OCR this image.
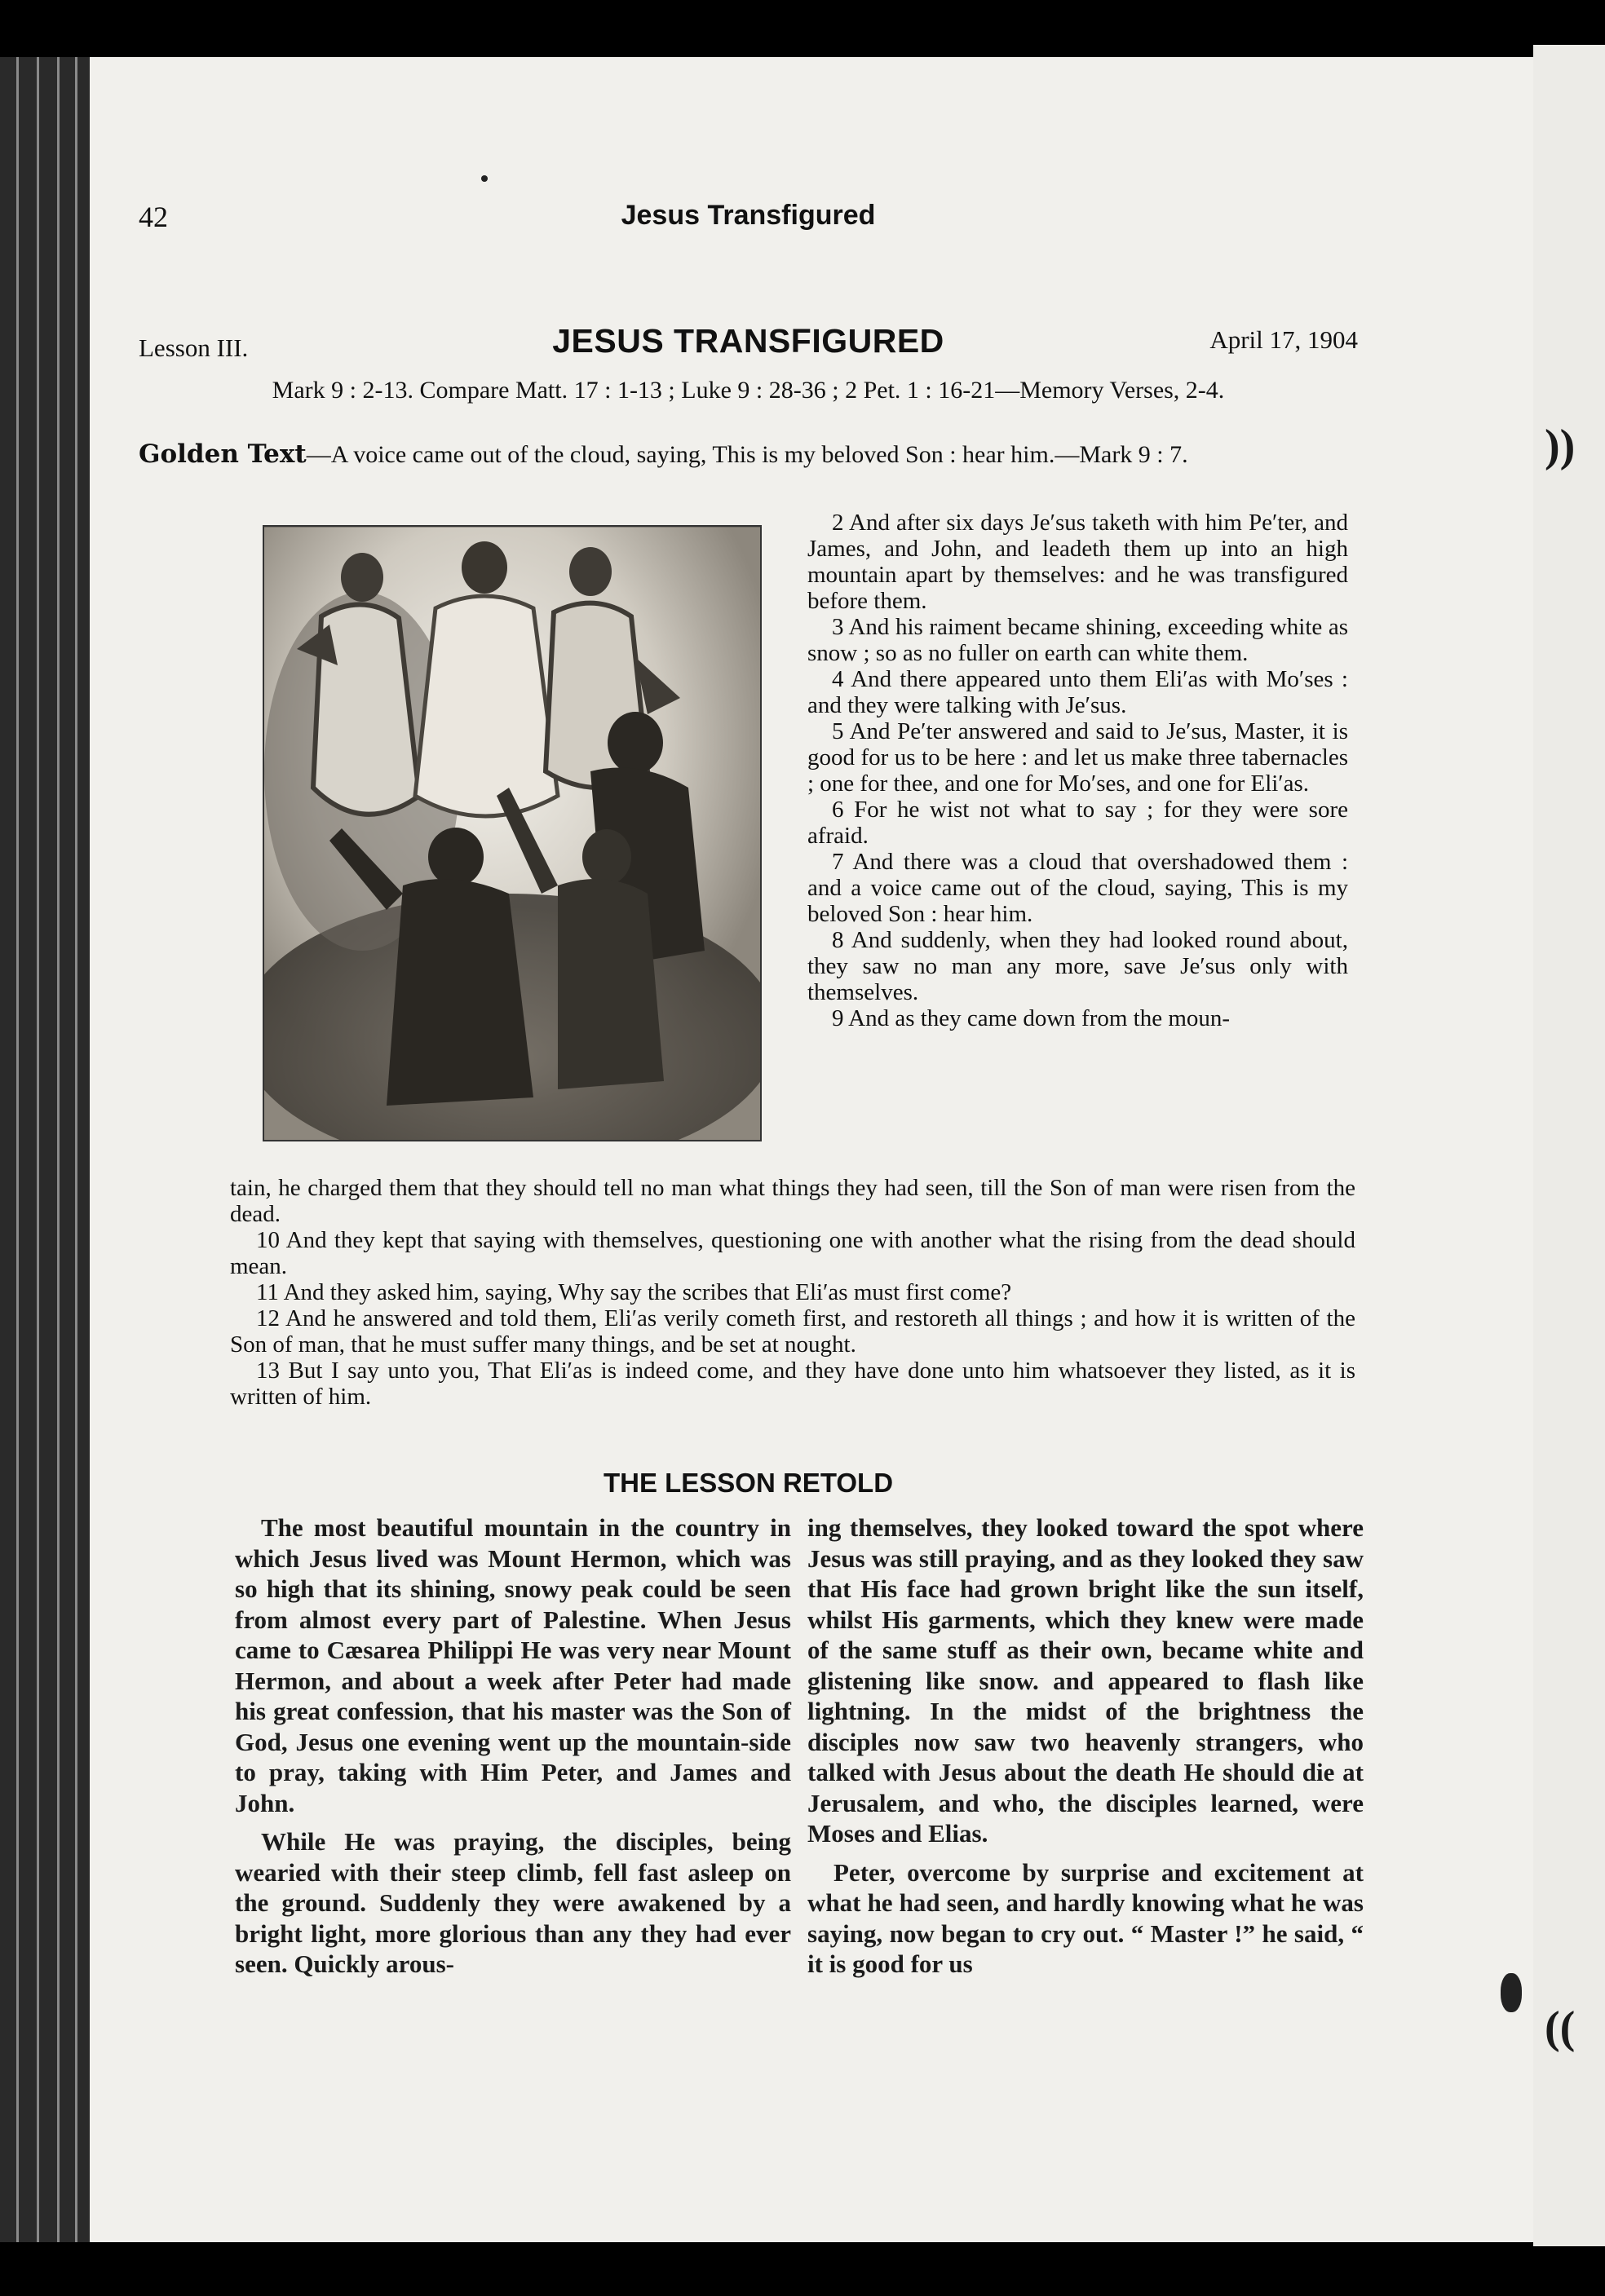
))
((
42	Jesus Transfigured
Lesson III.	JESUS TRANSFIGURED	April 17, 1904
Mark 9 : 2-13. Compare Matt. 17 : 1-13 ; Luke 9 : 28-36 ; 2 Pet. 1 : 16-21—Memory Verses, 2-4.
Golden Text—A voice came out of the cloud, saying, This is my beloved Son : hear him.—Mark 9 : 7.

2 And after six days Je′sus taketh with him Pe′ter, and James, and John, and leadeth them up into an high mountain apart by themselves: and he was transfigured before them.

3 And his raiment became shining, exceeding white as snow ; so as no fuller on earth can white them.

4 And there appeared unto them Eli′as with Mo′ses : and they were talking with Je′sus.

5 And Pe′ter answered and said to Je′sus, Master, it is good for us to be here : and let us make three tabernacles ; one for thee, and one for Mo′ses, and one for Eli′as.

6 For he wist not what to say ; for they were sore afraid.

7 And there was a cloud that overshadowed them : and a voice came out of the cloud, saying, This is my beloved Son : hear him.

8 And suddenly, when they had looked round about, they saw no man any more, save Je′sus only with themselves.

9 And as they came down from the moun-

tain, he charged them that they should tell no man what things they had seen, till the Son of man were risen from the dead.

10 And they kept that saying with themselves, questioning one with another what the rising from the dead should mean.

11 And they asked him, saying, Why say the scribes that Eli′as must first come?

12 And he answered and told them, Eli′as verily cometh first, and restoreth all things ; and how it is written of the Son of man, that he must suffer many things, and be set at nought.

13 But I say unto you, That Eli′as is indeed come, and they have done unto him whatsoever they listed, as it is written of him.

THE LESSON RETOLD

The most beautiful mountain in the country in which Jesus lived was Mount Hermon, which was so high that its shining, snowy peak could be seen from almost every part of Palestine. When Jesus came to Cæsarea Philippi He was very near Mount Hermon, and about a week after Peter had made his great confession, that his master was the Son of God, Jesus one evening went up the mountain-side to pray, taking with Him Peter, and James and John.

While He was praying, the disciples, being wearied with their steep climb, fell fast asleep on the ground. Suddenly they were awakened by a bright light, more glorious than any they had ever seen. Quickly arous-

ing themselves, they looked toward the spot where Jesus was still praying, and as they looked they saw that His face had grown bright like the sun itself, whilst His garments, which they knew were made of the same stuff as their own, became white and glistening like snow. and appeared to flash like lightning. In the midst of the brightness the disciples now saw two heavenly strangers, who talked with Jesus about the death He should die at Jerusalem, and who, the disciples learned, were Moses and Elias.

Peter, overcome by surprise and excitement at what he had seen, and hardly knowing what he was saying, now began to cry out. “ Master !” he said, “ it is good for us
